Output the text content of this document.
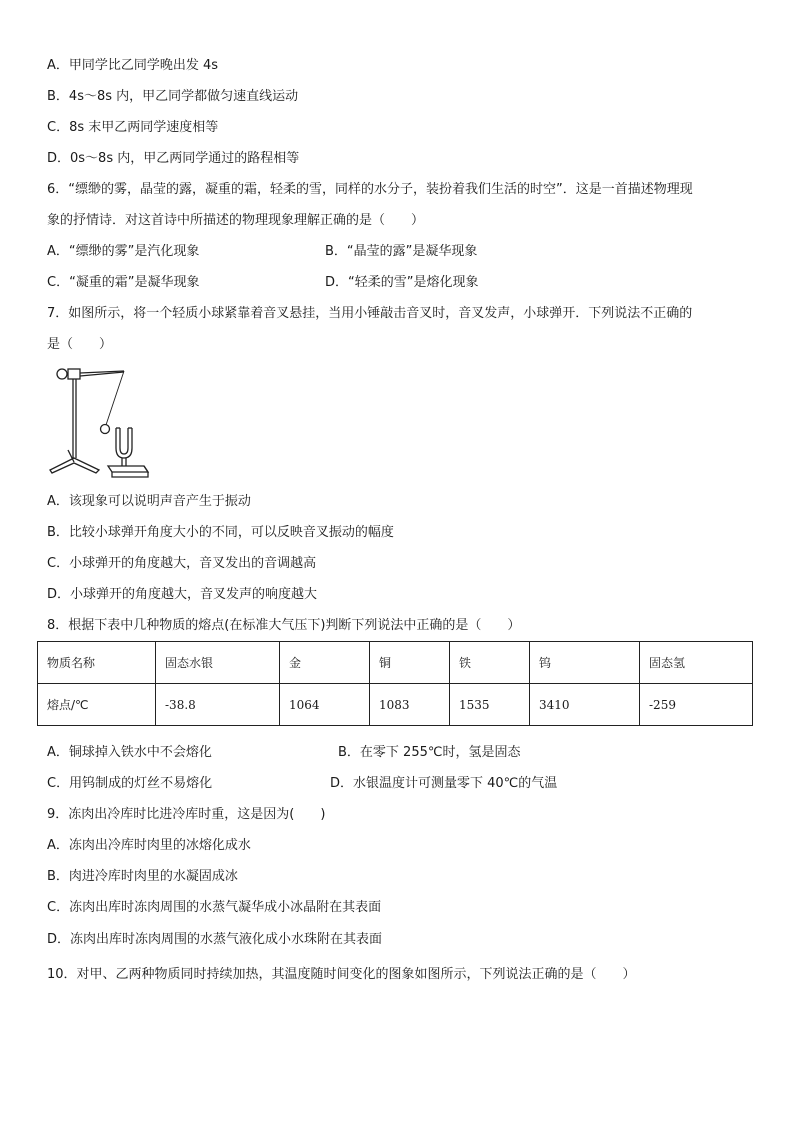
A．甲同学比乙同学晚出发 4s
B．4s～8s 内，甲乙同学都做匀速直线运动
C．8s 末甲乙两同学速度相等
D．0s～8s 内，甲乙两同学通过的路程相等
6．“缥缈的雾，晶莹的露，凝重的霜，轻柔的雪，同样的水分子，装扮着我们生活的时空”．这是一首描述物理现
象的抒情诗．对这首诗中所描述的物理现象理解正确的是（　　）
A．“缥缈的雾”是汽化现象	B．“晶莹的露”是凝华现象
C．“凝重的霜”是凝华现象	D．“轻柔的雪”是熔化现象
7．如图所示，将一个轻质小球紧靠着音叉悬挂，当用小锤敲击音叉时，音叉发声，小球弹开．下列说法不正确的
是（　　）
A．该现象可以说明声音产生于振动
B．比较小球弹开角度大小的不同，可以反映音叉振动的幅度
C．小球弹开的角度越大，音叉发出的音调越高
D．小球弹开的角度越大，音叉发声的响度越大
8．根据下表中几种物质的熔点(在标准大气压下)判断下列说法中正确的是（　　）
物质名称	固态水银	金	铜	铁	钨	固态氢
熔点/℃	-38.8	1064	1083	1535	3410	-259
A．铜球掉入铁水中不会熔化	B．在零下 255℃时，氢是固态
C．用钨制成的灯丝不易熔化	D．水银温度计可测量零下 40℃的气温
9．冻肉出冷库时比进冷库时重，这是因为(　　)
A．冻肉出冷库时肉里的冰熔化成水
B．肉进冷库时肉里的水凝固成冰
C．冻肉出库时冻肉周围的水蒸气凝华成小冰晶附在其表面
D．冻肉出库时冻肉周围的水蒸气液化成小水珠附在其表面
10．对甲、乙两种物质同时持续加热，其温度随时间变化的图象如图所示，下列说法正确的是（　　）
